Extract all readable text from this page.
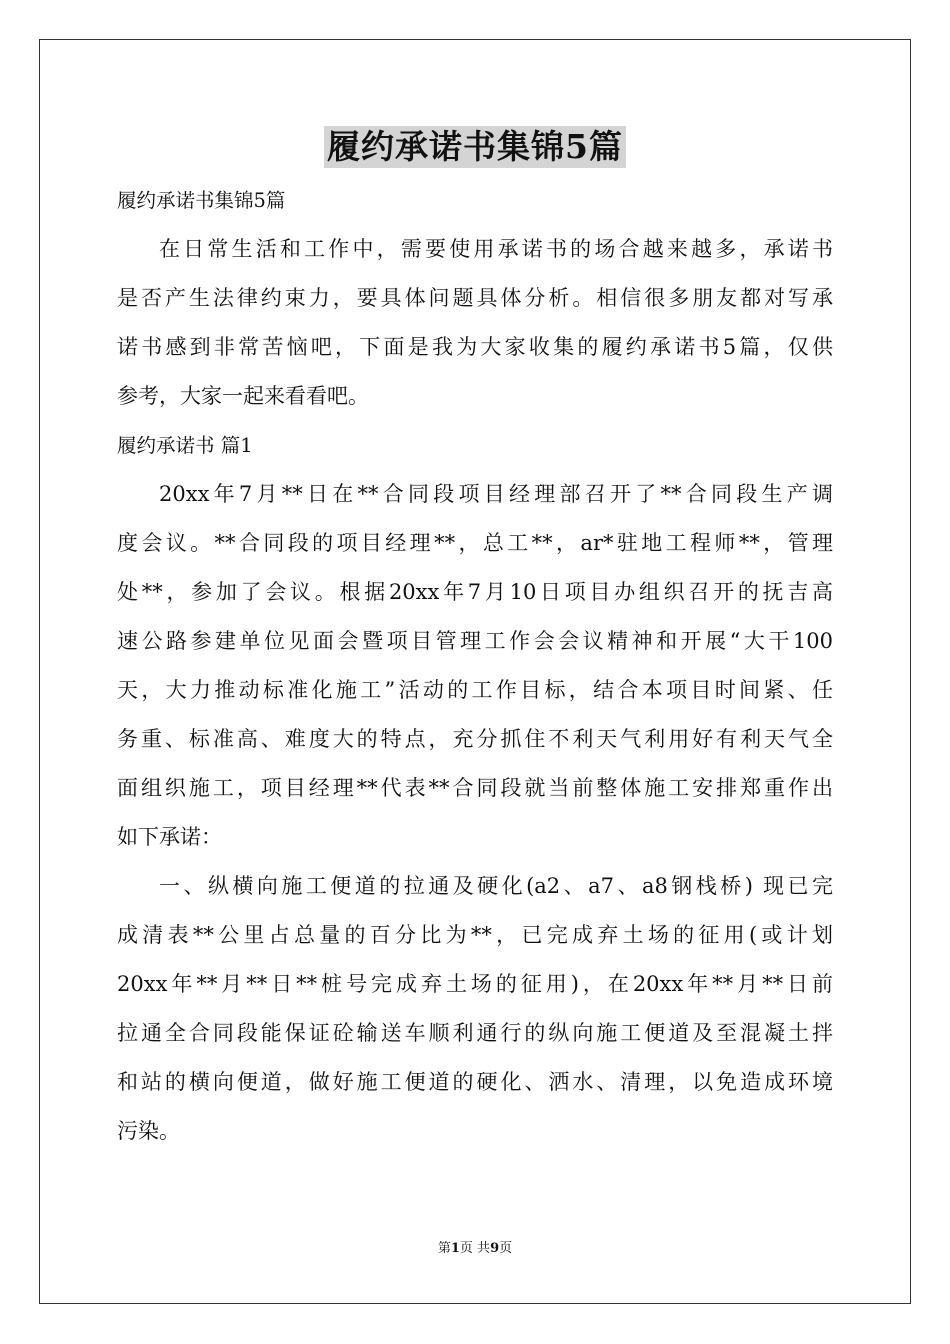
履约承诺书集锦5篇
履约承诺书集锦5篇
在日常生活和工作中，需要使用承诺书的场合越来越多，承诺书
是否产生法律约束力，要具体问题具体分析。相信很多朋友都对写承
诺书感到非常苦恼吧，下面是我为大家收集的履约承诺书5篇，仅供
参考，大家一起来看看吧。
履约承诺书 篇1
20xx年7月**日在**合同段项目经理部召开了**合同段生产调
度会议。**合同段的项目经理**，总工**，ar*驻地工程师**，管理
处**，参加了会议。根据20xx年7月10日项目办组织召开的抚吉高
速公路参建单位见面会暨项目管理工作会会议精神和开展“大干100
天，大力推动标准化施工”活动的工作目标，结合本项目时间紧、任
务重、标准高、难度大的特点，充分抓住不利天气利用好有利天气全
面组织施工，项目经理**代表**合同段就当前整体施工安排郑重作出
如下承诺：
一、纵横向施工便道的拉通及硬化(a2、a7、a8钢栈桥) 现已完
成清表**公里占总量的百分比为**，已完成弃土场的征用(或计划
20xx年**月**日**桩号完成弃土场的征用)，在20xx年**月**日前
拉通全合同段能保证砼输送车顺利通行的纵向施工便道及至混凝土拌
和站的横向便道，做好施工便道的硬化、洒水、清理，以免造成环境
污染。
第1页 共9页
